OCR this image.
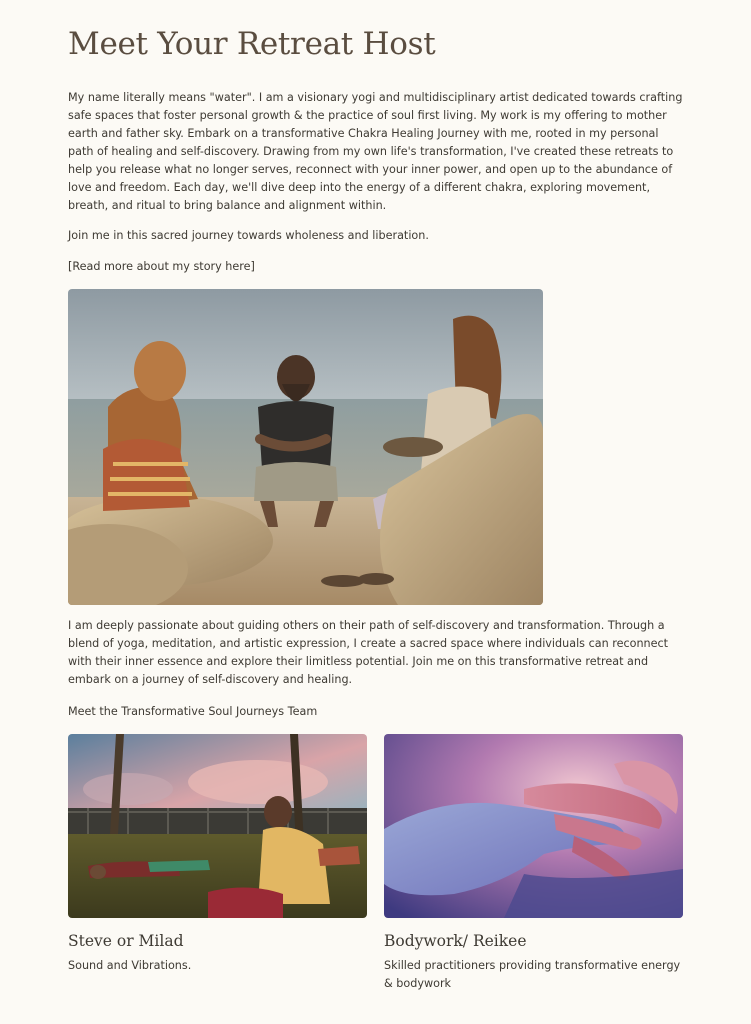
Meet Your Retreat Host

My name literally means "water". I am a visionary yogi and multidisciplinary artist dedicated towards crafting safe spaces that foster personal growth & the practice of soul first living. My work is my offering to mother earth and father sky. Embark on a transformative Chakra Healing Journey with me, rooted in my personal path of healing and self-discovery. Drawing from my own life's transformation, I've created these retreats to help you release what no longer serves, reconnect with your inner power, and open up to the abundance of love and freedom. Each day, we'll dive deep into the energy of a different chakra, exploring movement, breath, and ritual to bring balance and alignment within.

Join me in this sacred journey towards wholeness and liberation.

[Read more about my story here]

I am deeply passionate about guiding others on their path of self-discovery and transformation. Through a blend of yoga, meditation, and artistic expression, I create a sacred space where individuals can reconnect with their inner essence and explore their limitless potential. Join me on this transformative retreat and embark on a journey of self-discovery and healing.

Meet the Transformative Soul Journeys Team

Steve or Milad

Sound and Vibrations.

Bodywork/ Reikee

Skilled practitioners providing transformative energy & bodywork
